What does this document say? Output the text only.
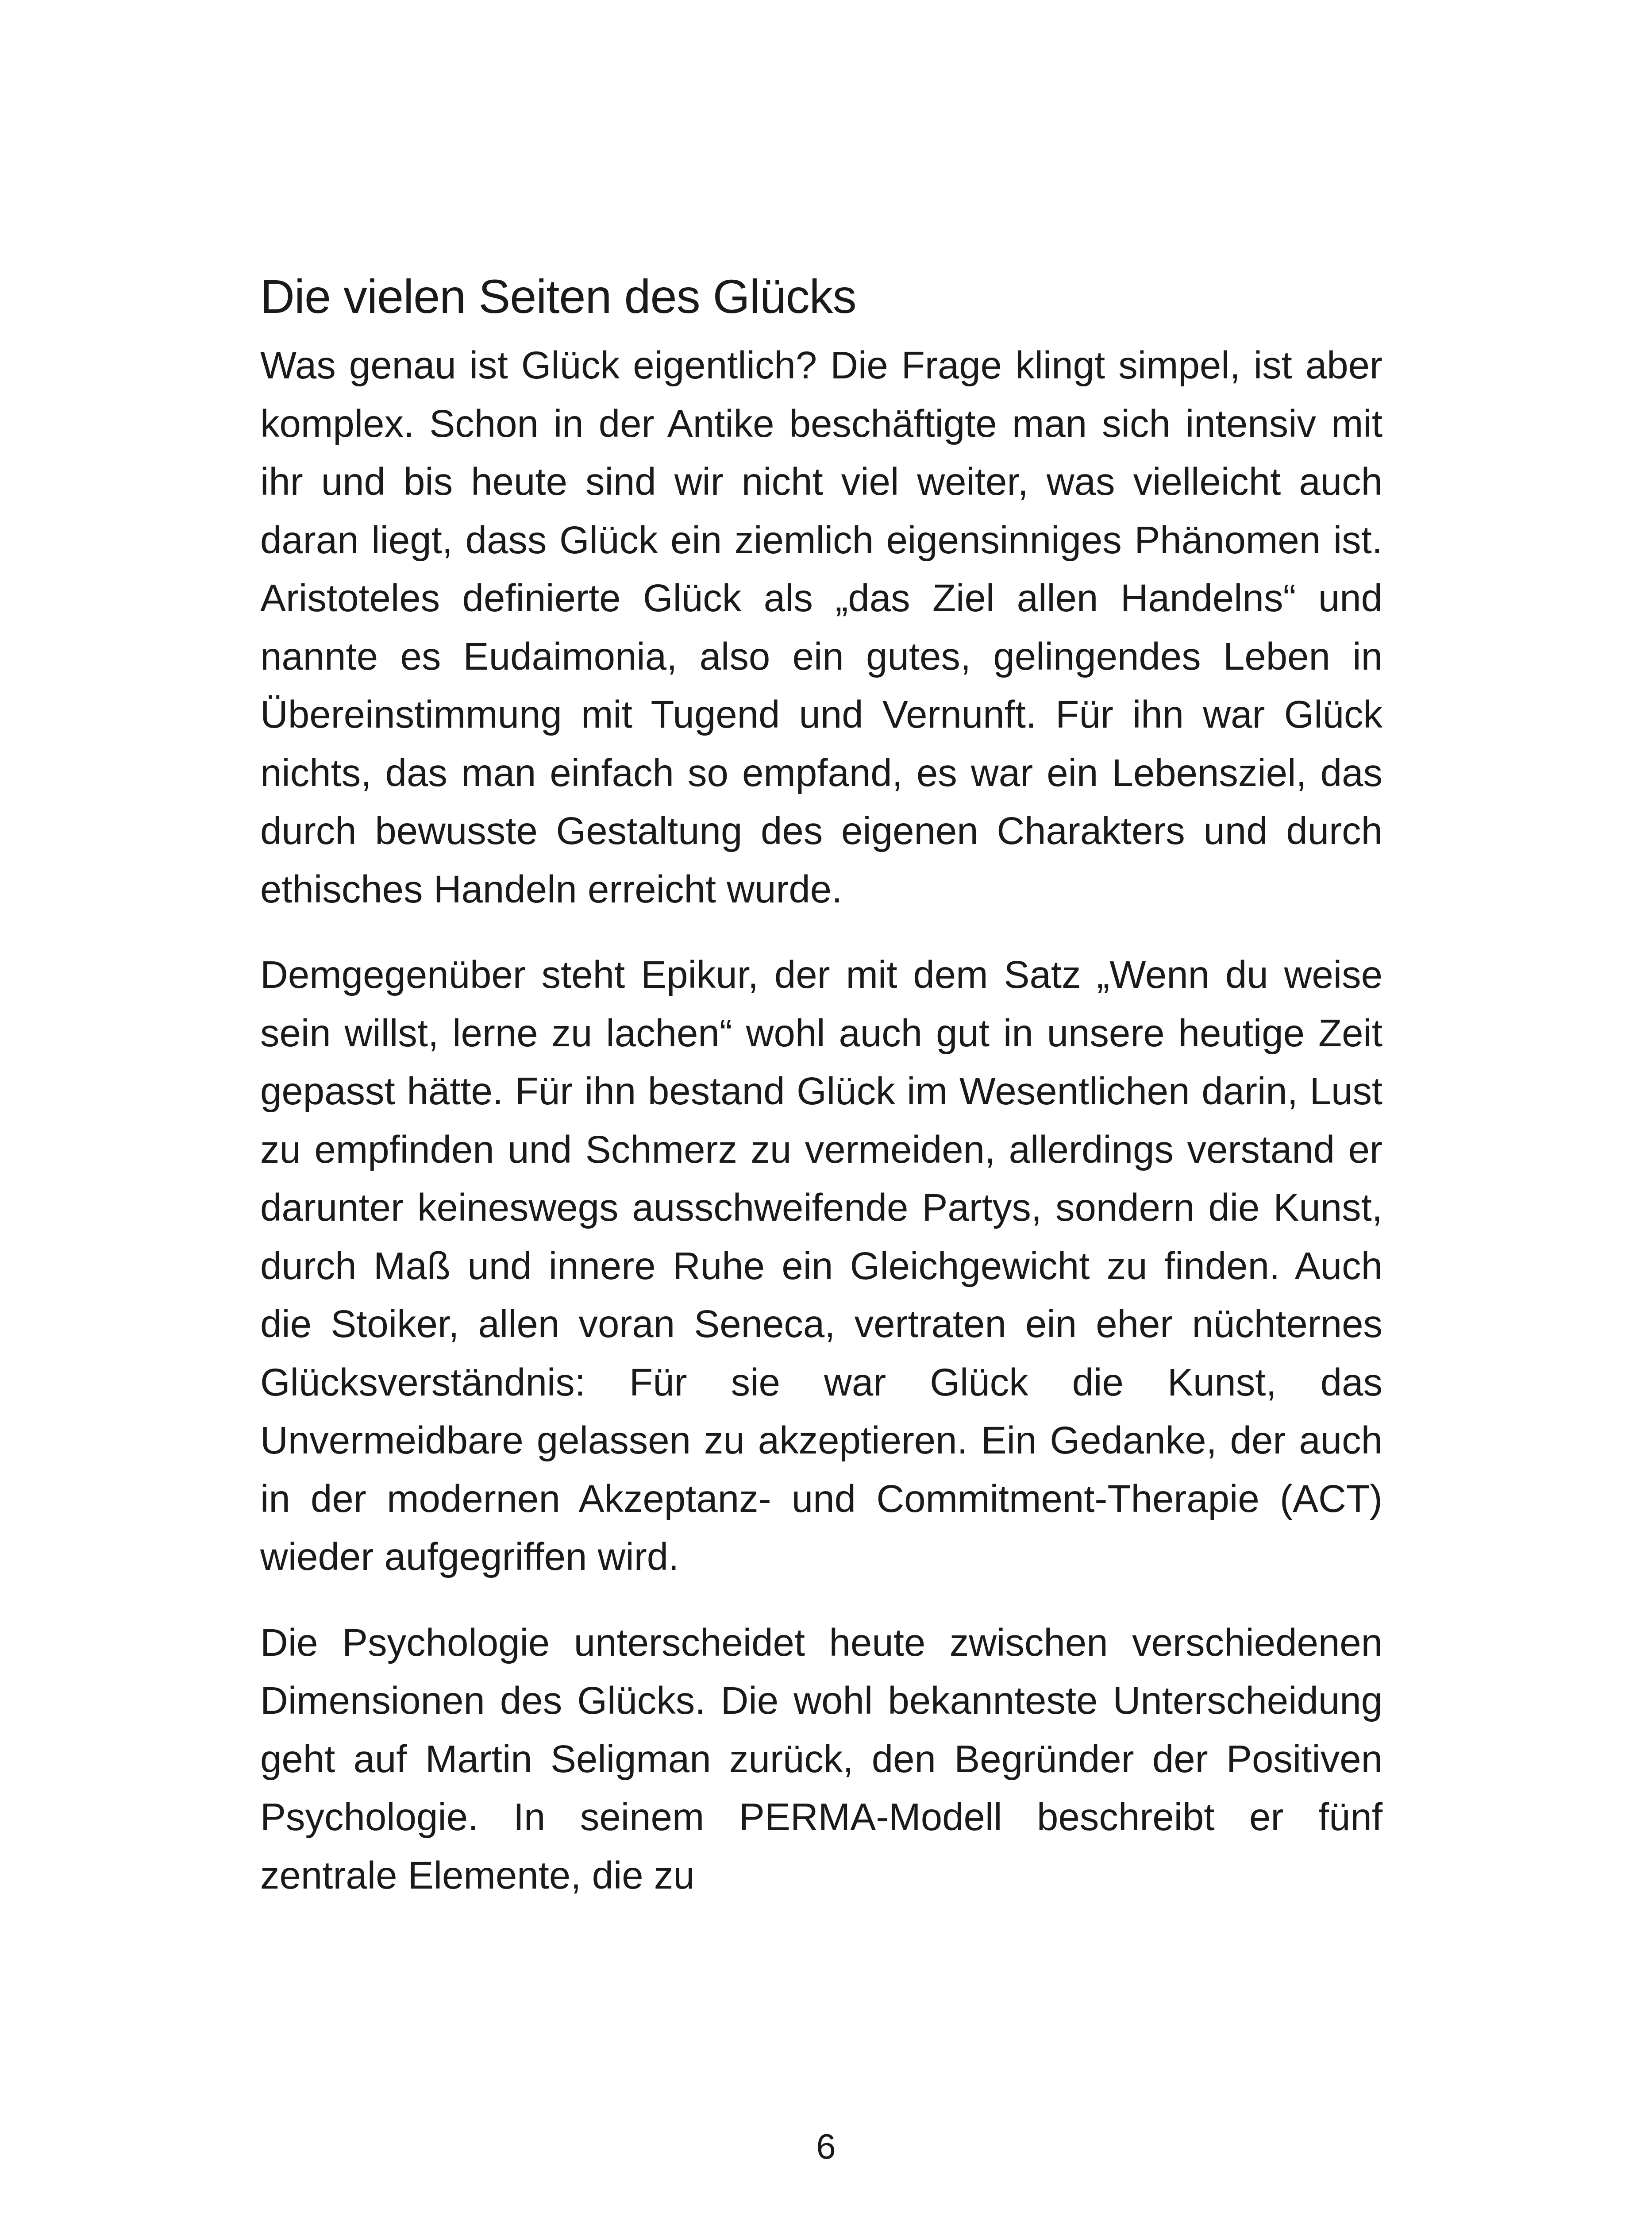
Die vielen Seiten des Glücks

Was genau ist Glück eigentlich? Die Frage klingt simpel, ist aber komplex. Schon in der Antike beschäftigte man sich intensiv mit ihr und bis heute sind wir nicht viel weiter, was vielleicht auch daran liegt, dass Glück ein ziemlich eigensinniges Phänomen ist. Aristoteles definierte Glück als „das Ziel allen Handelns“ und nannte es Eudaimonia, also ein gutes, gelingendes Leben in Übereinstimmung mit Tugend und Vernunft. Für ihn war Glück nichts, das man einfach so empfand, es war ein Lebensziel, das durch bewusste Gestaltung des eigenen Charakters und durch ethisches Handeln erreicht wurde.

Demgegenüber steht Epikur, der mit dem Satz „Wenn du weise sein willst, lerne zu lachen“ wohl auch gut in unsere heutige Zeit gepasst hätte. Für ihn bestand Glück im Wesentlichen darin, Lust zu empfinden und Schmerz zu vermeiden, allerdings verstand er darunter keineswegs ausschweifende Partys, sondern die Kunst, durch Maß und innere Ruhe ein Gleichgewicht zu finden. Auch die Stoiker, allen voran Seneca, vertraten ein eher nüchternes Glücksverständnis: Für sie war Glück die Kunst, das Unvermeidbare gelassen zu akzeptieren. Ein Gedanke, der auch in der modernen Akzeptanz- und Commitment-Therapie (ACT) wieder aufgegriffen wird.

Die Psychologie unterscheidet heute zwischen verschiedenen Dimensionen des Glücks. Die wohl bekannteste Unterscheidung geht auf Martin Seligman zurück, den Begründer der Positiven Psychologie. In seinem PERMA-Modell beschreibt er fünf zentrale Elemente, die zu

6
